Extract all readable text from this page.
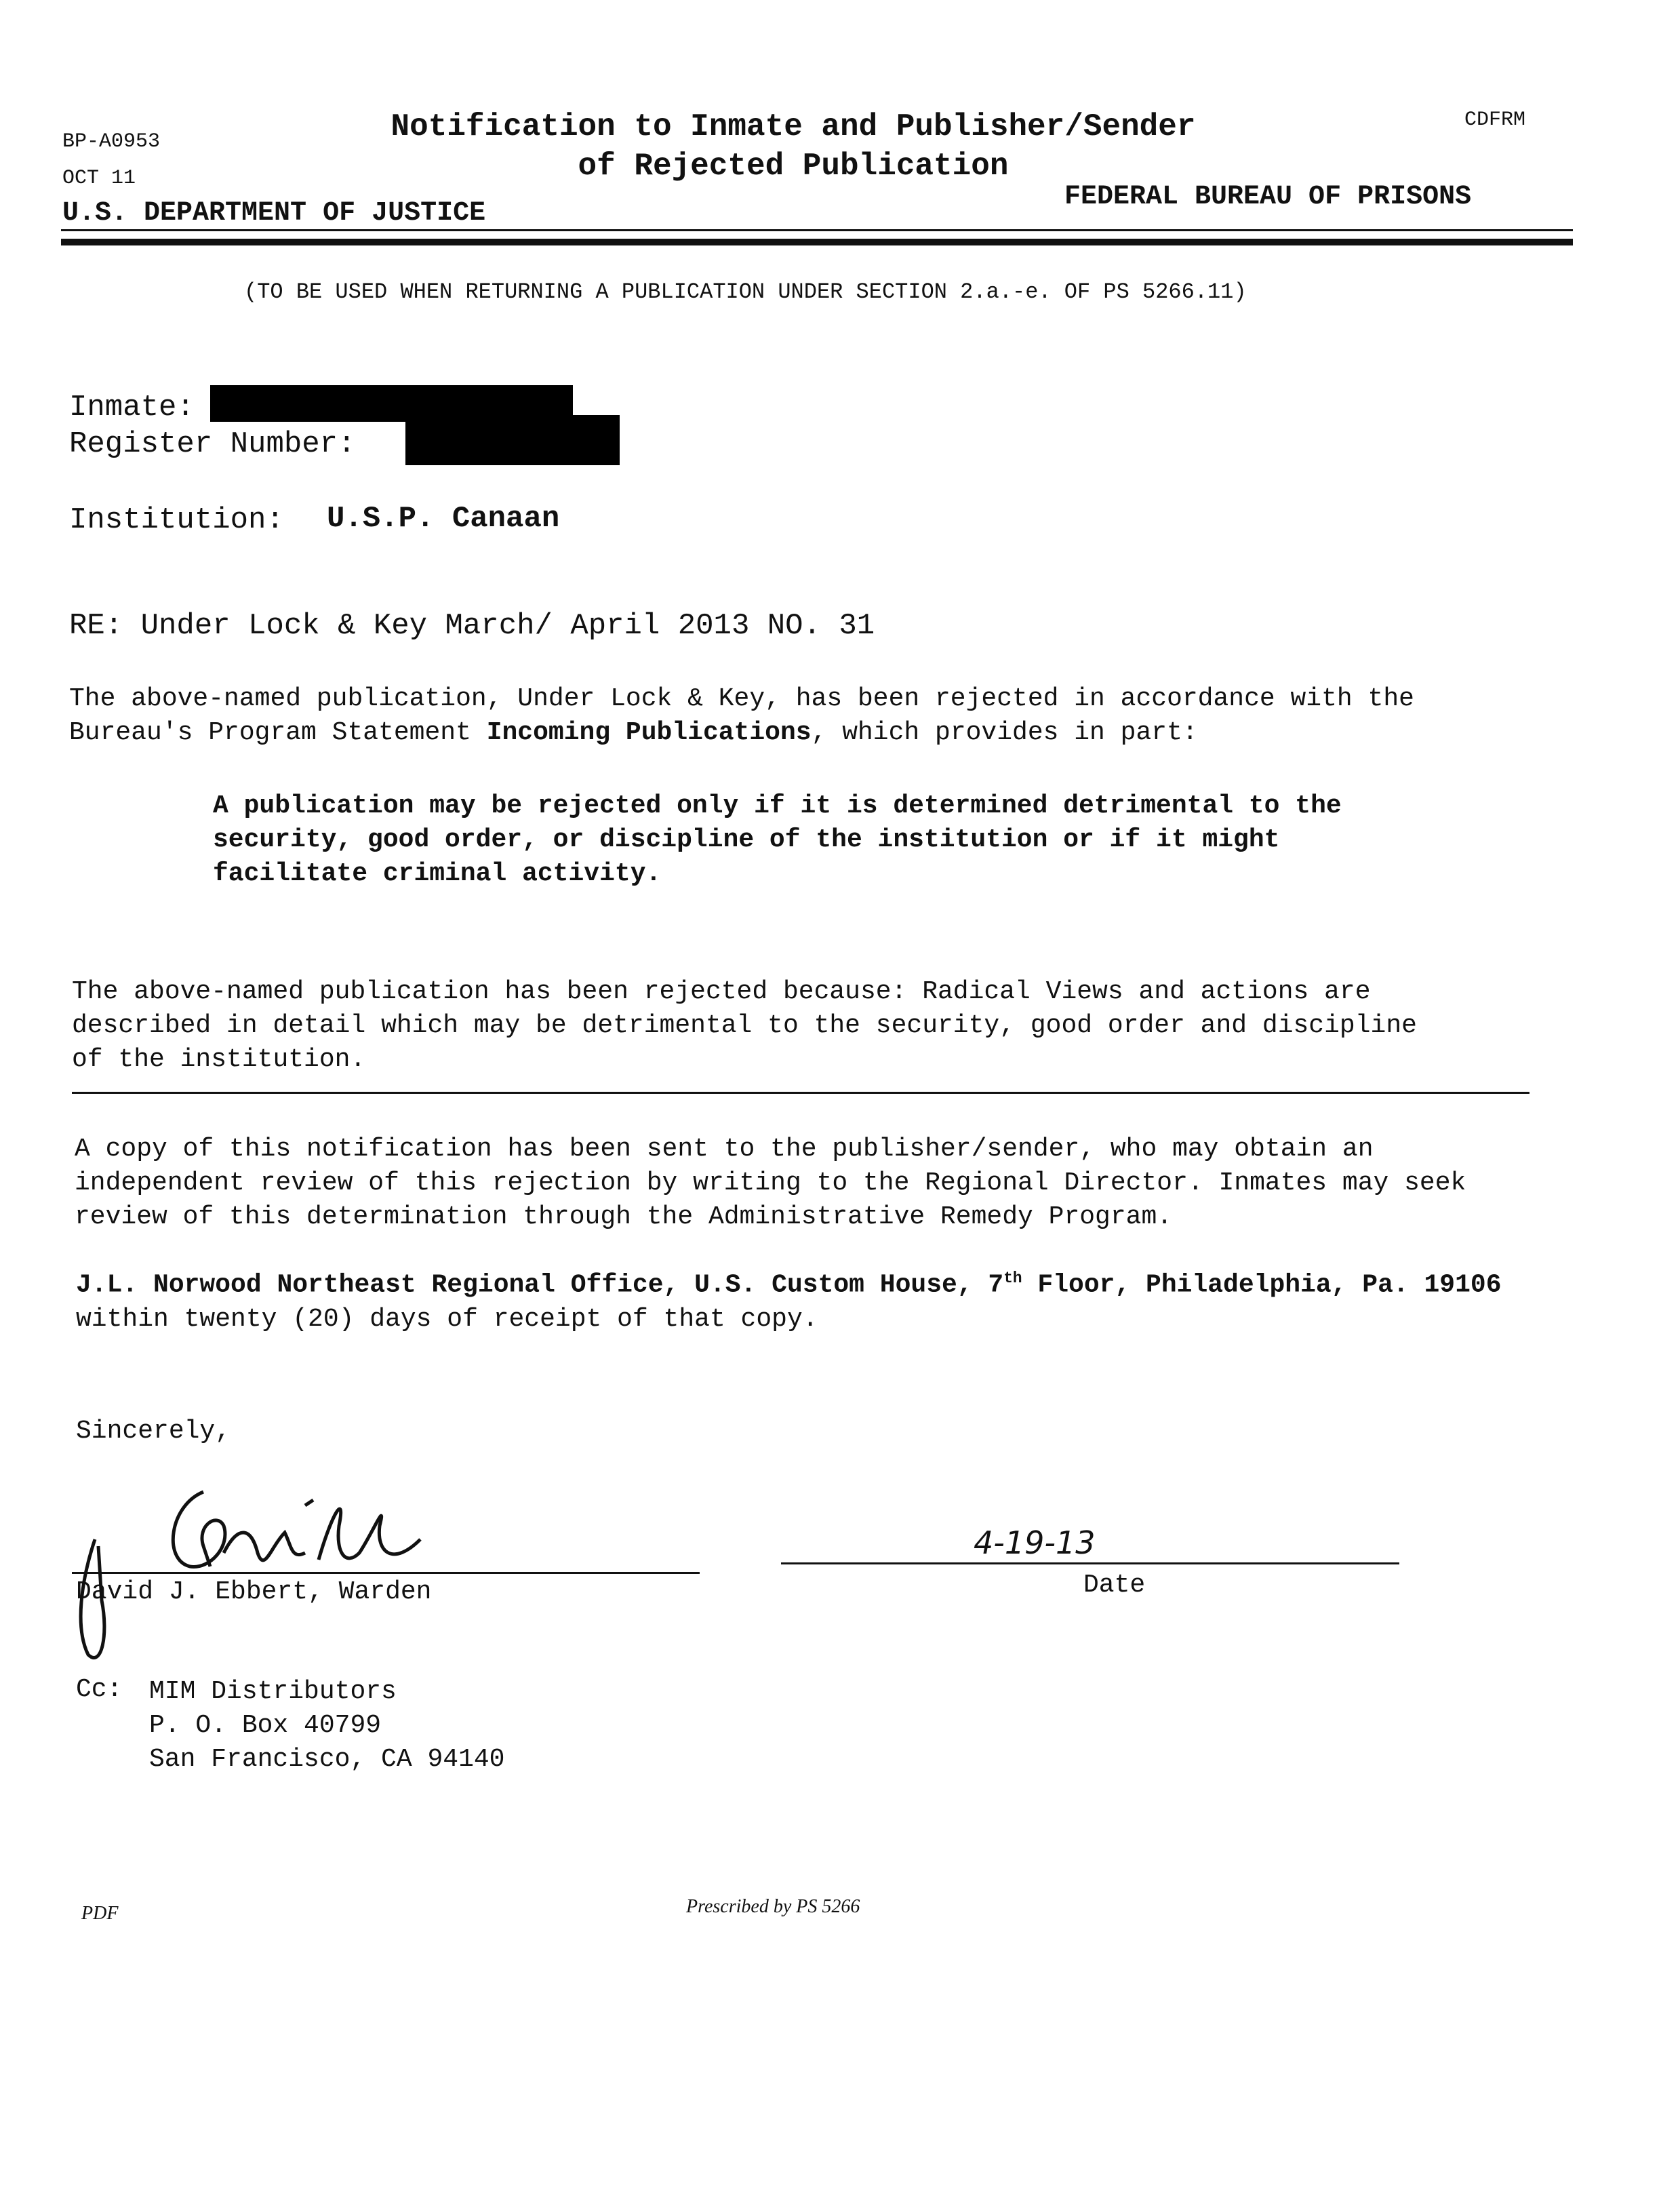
BP-A0953
OCT 11
CDFRM
Notification to Inmate and Publisher/Sender
of Rejected Publication
U.S. DEPARTMENT OF JUSTICE
FEDERAL BUREAU OF PRISONS
(TO BE USED WHEN RETURNING A PUBLICATION UNDER SECTION 2.a.-e. OF PS 5266.11)
Inmate:
Register Number:
Institution: U.S.P. Canaan
RE: Under Lock & Key March/ April 2013 NO. 31
The above-named publication, Under Lock & Key, has been rejected in accordance with the Bureau's Program Statement Incoming Publications, which provides in part:
A publication may be rejected only if it is determined detrimental to the security, good order, or discipline of the institution or if it might facilitate criminal activity.
The above-named publication has been rejected because: Radical Views and actions are described in detail which may be detrimental to the security, good order and discipline of the institution.
A copy of this notification has been sent to the publisher/sender, who may obtain an independent review of this rejection by writing to the Regional Director. Inmates may seek review of this determination through the Administrative Remedy Program.
J.L. Norwood Northeast Regional Office, U.S. Custom House, 7th Floor, Philadelphia, Pa. 19106 within twenty (20) days of receipt of that copy.
Sincerely,
David J. Ebbert, Warden
4-19-13
Date
Cc: MIM Distributors
P. O. Box 40799
San Francisco, CA 94140
PDF	Prescribed by PS 5266
